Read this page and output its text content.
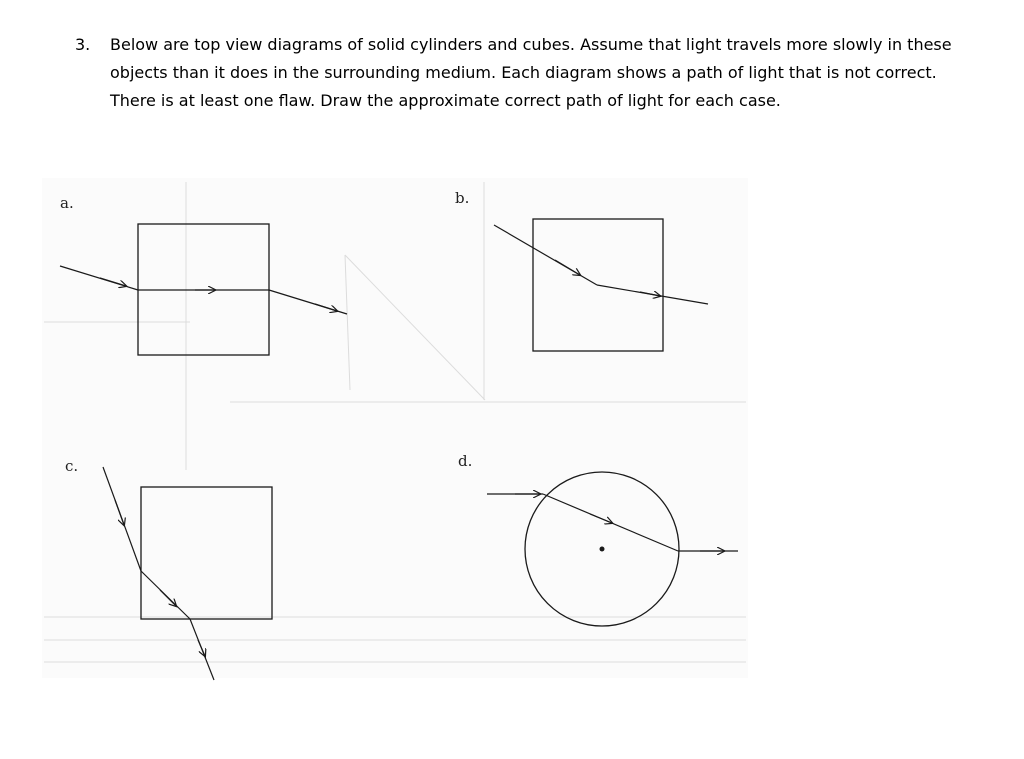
3. Below are top view diagrams of solid cylinders and cubes. Assume that light travels more slowly in these objects than it does in the surrounding medium. Each diagram shows a path of light that is not correct. There is at least one flaw. Draw the approximate correct path of light for each case.
a.	b.
c.	d.
